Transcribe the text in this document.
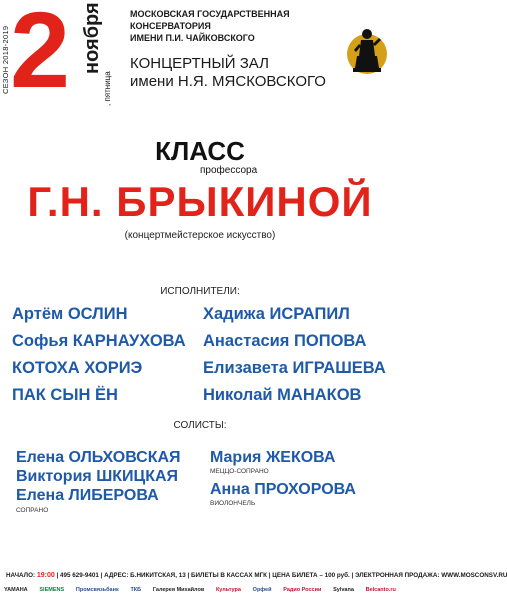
СЕЗОН 2018-2019 2 ноября
, пятница
МОСКОВСКАЯ ГОСУДАРСТВЕННАЯ
КОНСЕРВАТОРИЯ
ИМЕНИ П.И. ЧАЙКОВСКОГО
КОНЦЕРТНЫЙ ЗАЛ
имени Н.Я. МЯСКОВСКОГО
КЛАСС
профессора
Г.Н. БРЫКИНОЙ
(концертмейстерское искусство)
ИСПОЛНИТЕЛИ:
Артём ОСЛИН
Софья КАРНАУХОВА
КОТОХА ХОРИЭ
ПАК СЫН ЁН
Хадижа ИСРАПИЛ
Анастасия ПОПОВА
Елизавета ИГРАШЕВА
Николай МАНАКОВ
СОЛИСТЫ:
Елена ОЛЬХОВСКАЯ
Виктория ШКИЦКАЯ
Елена ЛИБЕРОВА
СОПРАНО
Мария ЖЕКОВА
МЕЦЦО-СОПРАНО
Анна ПРОХОРОВА
ВИОЛОНЧЕЛЬ
НАЧАЛО: 19:00 | 495 629-9401 | АДРЕС: Б.НИКИТСКАЯ, 13 | БИЛЕТЫ В КАССАХ МГК | ЦЕНА БИЛЕТА – 100 руб. | ЭЛЕКТРОННАЯ ПРОДАЖА: WWW.MOSCONSV.RU
YAMAHA SIEMENS Промсвязьбанк ТКБ Галерея Михайлов Культура Орфей Радио России Sylvana Belcanto.ru
